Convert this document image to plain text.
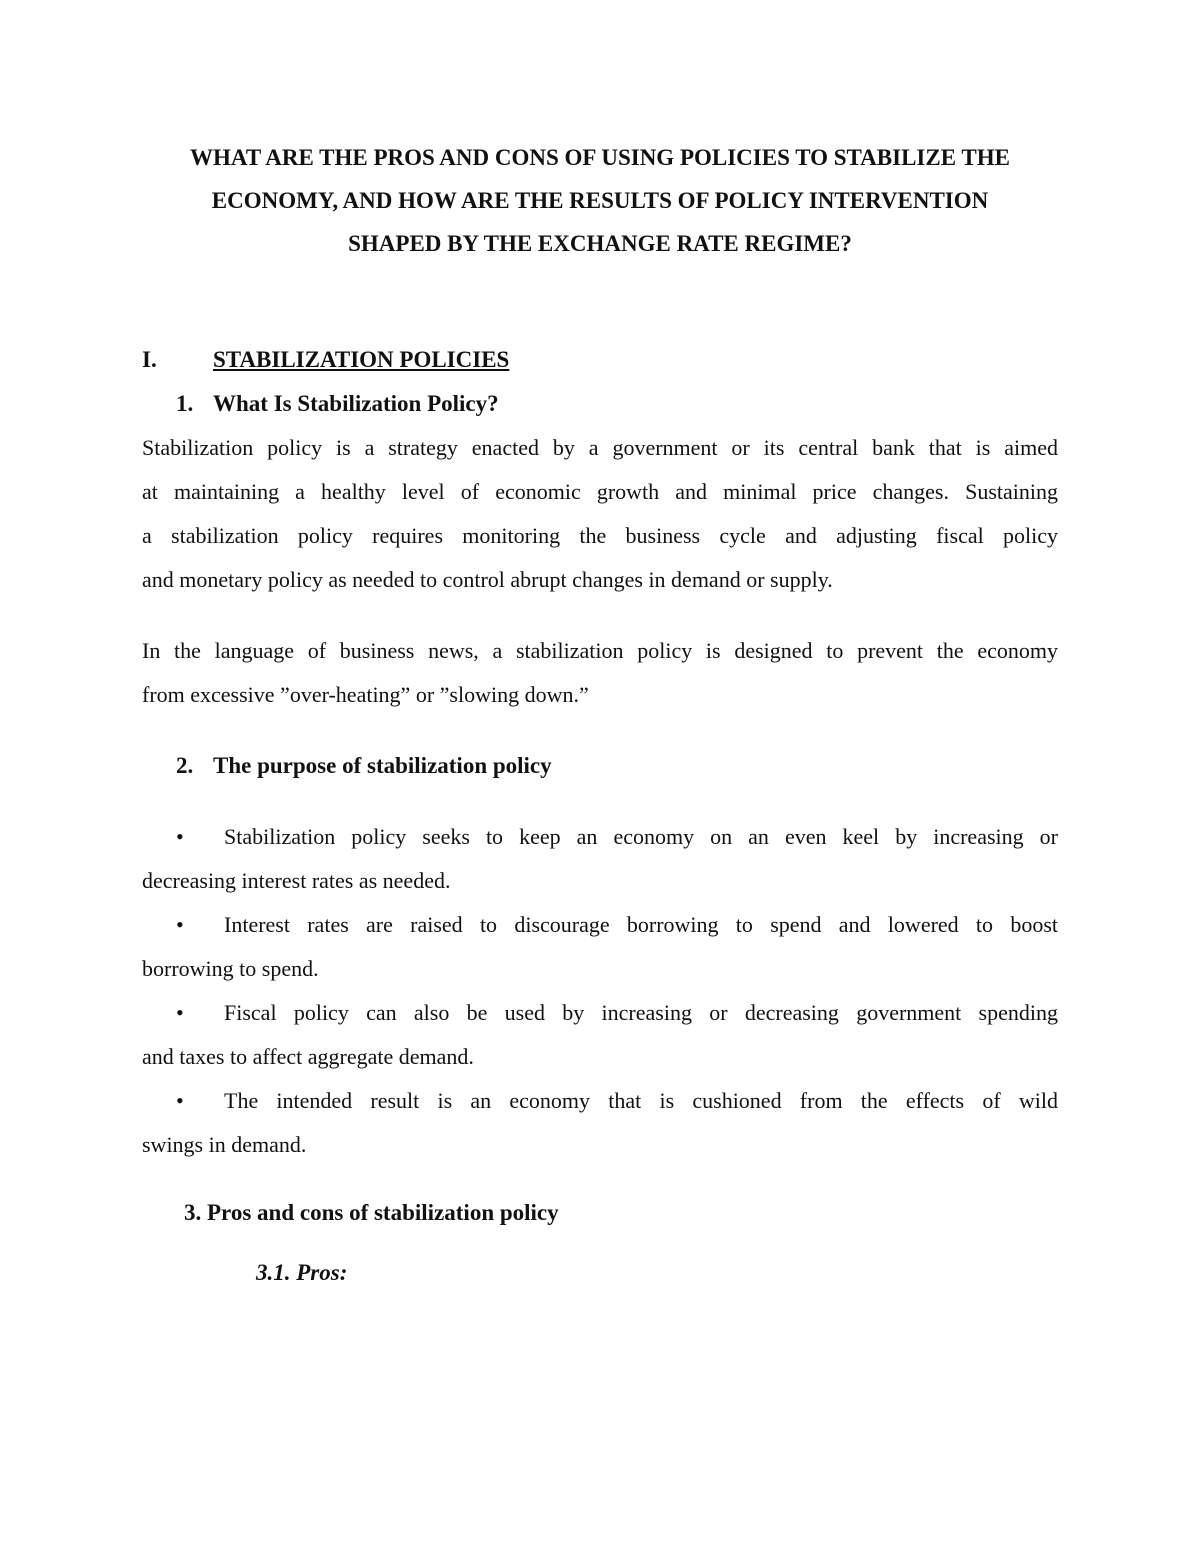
WHAT ARE THE PROS AND CONS OF USING POLICIES TO STABILIZE THE
ECONOMY, AND HOW ARE THE RESULTS OF POLICY INTERVENTION
SHAPED BY THE EXCHANGE RATE REGIME?
I. STABILIZATION POLICIES
1. What Is Stabilization Policy?

Stabilization policy is a strategy enacted by a government or its central bank that is aimed
at maintaining a healthy level of economic growth and minimal price changes. Sustaining
a stabilization policy requires monitoring the business cycle and adjusting fiscal policy
and monetary policy as needed to control abrupt changes in demand or supply.

In the language of business news, a stabilization policy is designed to prevent the economy
from excessive ”over-heating” or ”slowing down.”

2. The purpose of stabilization policy
•	Stabilization policy seeks to keep an economy on an even keel by increasing or
decreasing interest rates as needed.
•	Interest rates are raised to discourage borrowing to spend and lowered to boost
borrowing to spend.
•	Fiscal policy can also be used by increasing or decreasing government spending
and taxes to affect aggregate demand.
•	The intended result is an economy that is cushioned from the effects of wild
swings in demand.
3. Pros and cons of stabilization policy
3.1. Pros:
